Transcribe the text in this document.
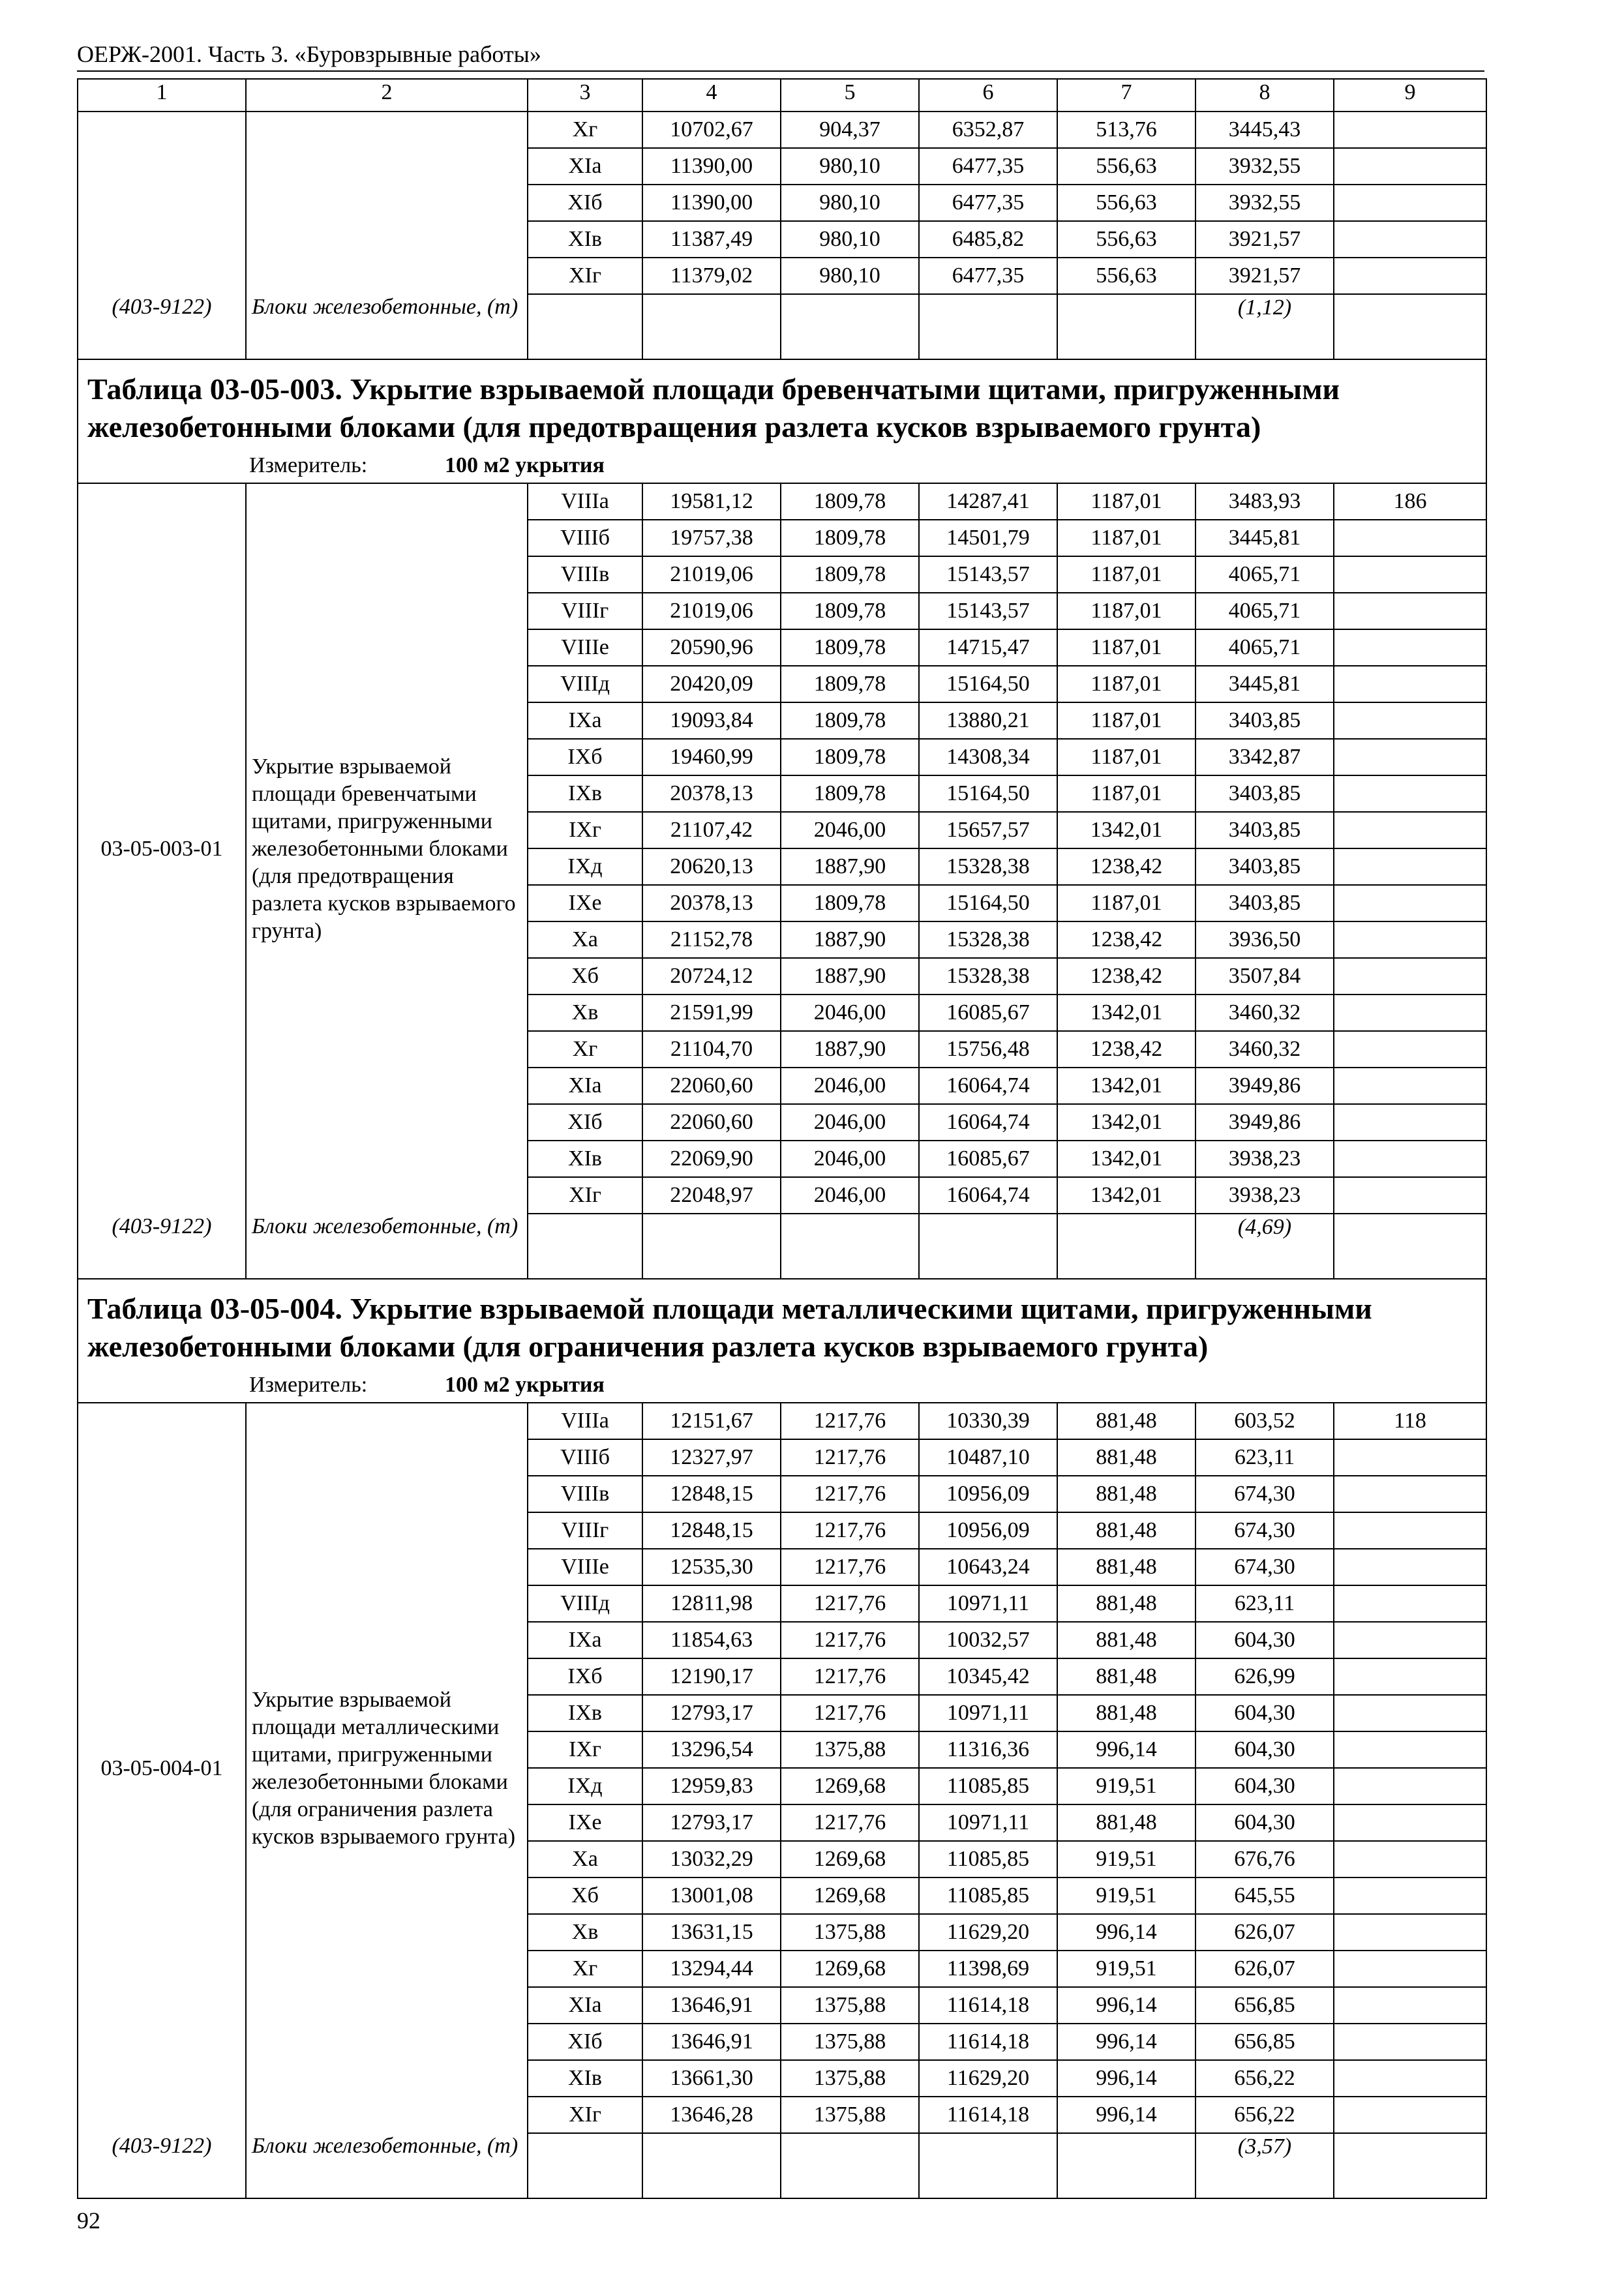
ОЕРЖ-2001. Часть 3. «Буровзрывные работы»
1	2	3	4	5	6	7	8	9
		Xг	10702,67	904,37	6352,87	513,76	3445,43	
		XIа	11390,00	980,10	6477,35	556,63	3932,55	
		XIб	11390,00	980,10	6477,35	556,63	3932,55	
		XIв	11387,49	980,10	6485,82	556,63	3921,57	
		XIг	11379,02	980,10	6477,35	556,63	3921,57	
(403-9122)	Блоки железобетонные, (т)						(1,12)	
Таблица 03-05-003. Укрытие взрываемой площади бревенчатыми щитами, пригруженными железобетонными блоками (для предотвращения разлета кусков взрываемого грунта)								
Измеритель: 100 м2 укрытия								
03-05-003-01	Укрытие взрываемой площади бревенчатыми щитами, пригруженными железобетонными блоками (для предотвращения разлета кусков взрываемого грунта)	VIIIа	19581,12	1809,78	14287,41	1187,01	3483,93	186
		VIIIб	19757,38	1809,78	14501,79	1187,01	3445,81	
		VIIIв	21019,06	1809,78	15143,57	1187,01	4065,71	
		VIIIг	21019,06	1809,78	15143,57	1187,01	4065,71	
		VIIIе	20590,96	1809,78	14715,47	1187,01	4065,71	
		VIIIд	20420,09	1809,78	15164,50	1187,01	3445,81	
		IXа	19093,84	1809,78	13880,21	1187,01	3403,85	
		IXб	19460,99	1809,78	14308,34	1187,01	3342,87	
		IXв	20378,13	1809,78	15164,50	1187,01	3403,85	
		IXг	21107,42	2046,00	15657,57	1342,01	3403,85	
		IXд	20620,13	1887,90	15328,38	1238,42	3403,85	
		IXе	20378,13	1809,78	15164,50	1187,01	3403,85	
		Xа	21152,78	1887,90	15328,38	1238,42	3936,50	
		Xб	20724,12	1887,90	15328,38	1238,42	3507,84	
		Xв	21591,99	2046,00	16085,67	1342,01	3460,32	
		Xг	21104,70	1887,90	15756,48	1238,42	3460,32	
		XIа	22060,60	2046,00	16064,74	1342,01	3949,86	
		XIб	22060,60	2046,00	16064,74	1342,01	3949,86	
		XIв	22069,90	2046,00	16085,67	1342,01	3938,23	
		XIг	22048,97	2046,00	16064,74	1342,01	3938,23	
(403-9122)	Блоки железобетонные, (т)						(4,69)	
Таблица 03-05-004. Укрытие взрываемой площади металлическими щитами, пригруженными железобетонными блоками (для ограничения разлета кусков взрываемого грунта)								
Измеритель: 100 м2 укрытия								
03-05-004-01	Укрытие взрываемой площади металлическими щитами, пригруженными железобетонными блоками (для ограничения разлета кусков взрываемого грунта)	VIIIа	12151,67	1217,76	10330,39	881,48	603,52	118
		VIIIб	12327,97	1217,76	10487,10	881,48	623,11	
		VIIIв	12848,15	1217,76	10956,09	881,48	674,30	
		VIIIг	12848,15	1217,76	10956,09	881,48	674,30	
		VIIIе	12535,30	1217,76	10643,24	881,48	674,30	
		VIIIд	12811,98	1217,76	10971,11	881,48	623,11	
		IXа	11854,63	1217,76	10032,57	881,48	604,30	
		IXб	12190,17	1217,76	10345,42	881,48	626,99	
		IXв	12793,17	1217,76	10971,11	881,48	604,30	
		IXг	13296,54	1375,88	11316,36	996,14	604,30	
		IXд	12959,83	1269,68	11085,85	919,51	604,30	
		IXе	12793,17	1217,76	10971,11	881,48	604,30	
		Xа	13032,29	1269,68	11085,85	919,51	676,76	
		Xб	13001,08	1269,68	11085,85	919,51	645,55	
		Xв	13631,15	1375,88	11629,20	996,14	626,07	
		Xг	13294,44	1269,68	11398,69	919,51	626,07	
		XIа	13646,91	1375,88	11614,18	996,14	656,85	
		XIб	13646,91	1375,88	11614,18	996,14	656,85	
		XIв	13661,30	1375,88	11629,20	996,14	656,22	
		XIг	13646,28	1375,88	11614,18	996,14	656,22	
(403-9122)	Блоки железобетонные, (т)						(3,57)	
92
